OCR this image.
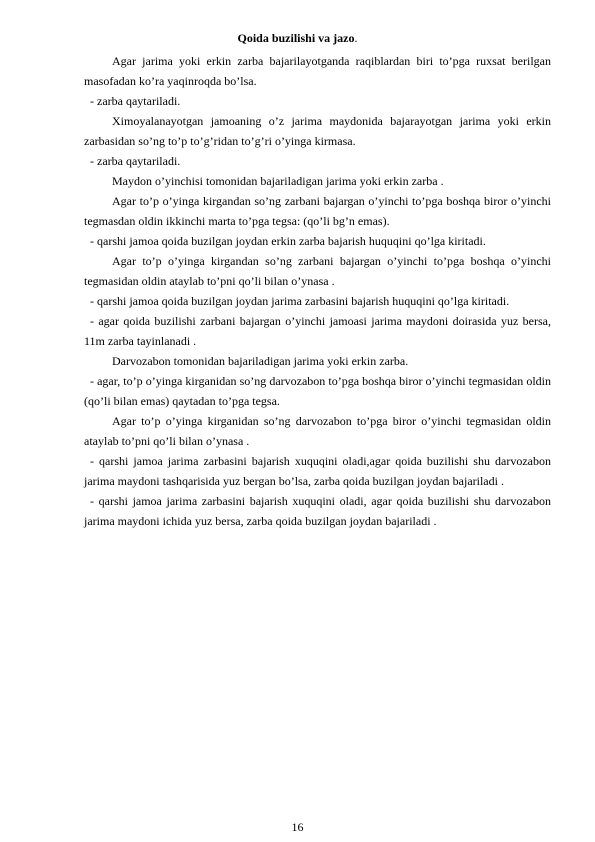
Qoida buzilishi va jazo.

Agar jarima yoki erkin zarba bajarilayotganda raqiblardan biri to’pga ruxsat berilgan masofadan ko’ra yaqinroqda bo’lsa.

- zarba qaytariladi.

Ximoyalanayotgan jamoaning o’z jarima maydonida bajarayotgan jarima yoki erkin zarbasidan so’ng to’p to’g’ridan to’g’ri o’yinga kirmasa.

- zarba qaytariladi.

Maydon o’yinchisi tomonidan bajariladigan jarima yoki erkin zarba .

Agar to’p o’yinga kirgandan so’ng zarbani bajargan o’yinchi to’pga boshqa biror o’yinchi tegmasdan oldin ikkinchi marta to’pga tegsa: (qo’li bg’n emas).

- qarshi jamoa qoida buzilgan joydan erkin zarba bajarish huquqini qo’lga kiritadi.

Agar to’p o’yinga kirgandan so’ng zarbani bajargan o’yinchi to’pga boshqa o’yinchi tegmasidan oldin ataylab to’pni qo’li bilan o’ynasa .

- qarshi jamoa qoida buzilgan joydan jarima zarbasini bajarish huquqini qo’lga kiritadi.

- agar qoida buzilishi zarbani bajargan o’yinchi jamoasi jarima maydoni doirasida yuz bersa, 11m zarba tayinlanadi .

Darvozabon tomonidan bajariladigan jarima yoki erkin zarba.

- agar, to’p o’yinga kirganidan so’ng darvozabon to’pga boshqa biror o’yinchi tegmasidan oldin (qo’li bilan emas) qaytadan to’pga tegsa.

Agar to’p o’yinga kirganidan so’ng darvozabon to’pga biror o’yinchi tegmasidan oldin ataylab to’pni qo’li bilan o’ynasa .

- qarshi jamoa jarima zarbasini bajarish xuquqini oladi,agar qoida buzilishi shu darvozabon jarima maydoni tashqarisida yuz bergan bo’lsa, zarba qoida buzilgan joydan bajariladi .

- qarshi jamoa jarima zarbasini bajarish xuquqini oladi, agar qoida buzilishi shu darvozabon jarima maydoni ichida yuz bersa, zarba qoida buzilgan joydan bajariladi .

16
